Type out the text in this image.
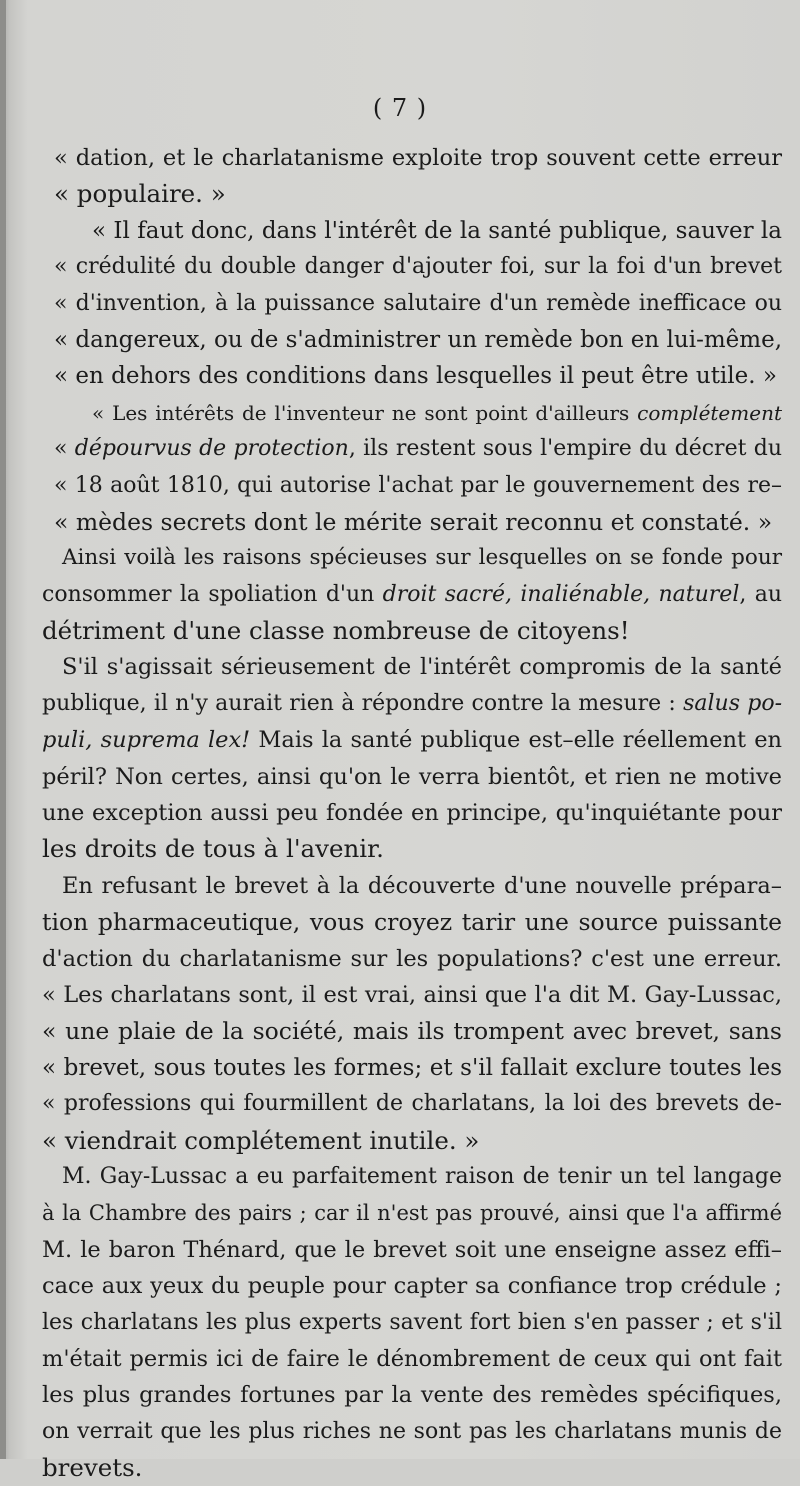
( 7 )
« dation, et le charlatanisme exploite trop souvent cette erreur
« populaire. »
« Il faut donc, dans l'intérêt de la santé publique, sauver la
« crédulité du double danger d'ajouter foi, sur la foi d'un brevet
« d'invention, à la puissance salutaire d'un remède inefficace ou
« dangereux, ou de s'administrer un remède bon en lui-même,
« en dehors des conditions dans lesquelles il peut être utile. »
« Les intérêts de l'inventeur ne sont point d'ailleurs complétement
« dépourvus de protection, ils restent sous l'empire du décret du
« 18 août 1810, qui autorise l'achat par le gouvernement des re–
« mèdes secrets dont le mérite serait reconnu et constaté. »
Ainsi voilà les raisons spécieuses sur lesquelles on se fonde pour
consommer la spoliation d'un droit sacré, inaliénable, naturel, au
détriment d'une classe nombreuse de citoyens!
S'il s'agissait sérieusement de l'intérêt compromis de la santé
publique, il n'y aurait rien à répondre contre la mesure : salus po-
puli, suprema lex! Mais la santé publique est–elle réellement en
péril? Non certes, ainsi qu'on le verra bientôt, et rien ne motive
une exception aussi peu fondée en principe, qu'inquiétante pour
les droits de tous à l'avenir.
En refusant le brevet à la découverte d'une nouvelle prépara–
tion pharmaceutique, vous croyez tarir une source puissante
d'action du charlatanisme sur les populations? c'est une erreur.
« Les charlatans sont, il est vrai, ainsi que l'a dit M. Gay-Lussac,
« une plaie de la société, mais ils trompent avec brevet, sans
« brevet, sous toutes les formes; et s'il fallait exclure toutes les
« professions qui fourmillent de charlatans, la loi des brevets de-
« viendrait complétement inutile. »
M. Gay-Lussac a eu parfaitement raison de tenir un tel langage
à la Chambre des pairs ; car il n'est pas prouvé, ainsi que l'a affirmé
M. le baron Thénard, que le brevet soit une enseigne assez effi–
cace aux yeux du peuple pour capter sa confiance trop crédule ;
les charlatans les plus experts savent fort bien s'en passer ; et s'il
m'était permis ici de faire le dénombrement de ceux qui ont fait
les plus grandes fortunes par la vente des remèdes spécifiques,
on verrait que les plus riches ne sont pas les charlatans munis de
brevets.
